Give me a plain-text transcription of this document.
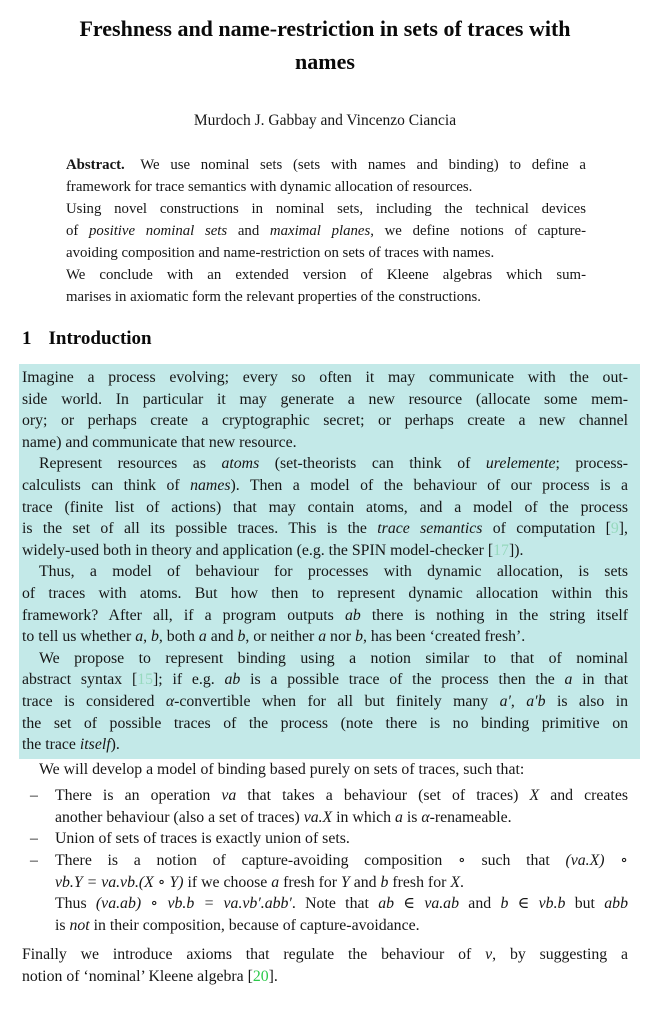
Freshness and name-restriction in sets of traces with
names
Murdoch J. Gabbay and Vincenzo Ciancia
Abstract. We use nominal sets (sets with names and binding) to define a
framework for trace semantics with dynamic allocation of resources.
Using novel constructions in nominal sets, including the technical devices
of positive nominal sets and maximal planes, we define notions of capture-
avoiding composition and name-restriction on sets of traces with names.
We conclude with an extended version of Kleene algebras which sum-
marises in axiomatic form the relevant properties of the constructions.
1 Introduction
Imagine a process evolving; every so often it may communicate with the out-
side world. In particular it may generate a new resource (allocate some mem-
ory; or perhaps create a cryptographic secret; or perhaps create a new channel
name) and communicate that new resource.
Represent resources as atoms (set-theorists can think of urelemente; process-
calculists can think of names). Then a model of the behaviour of our process is a
trace (finite list of actions) that may contain atoms, and a model of the process
is the set of all its possible traces. This is the trace semantics of computation [9],
widely-used both in theory and application (e.g. the SPIN model-checker [17]).
Thus, a model of behaviour for processes with dynamic allocation, is sets
of traces with atoms. But how then to represent dynamic allocation within this
framework? After all, if a program outputs ab there is nothing in the string itself
to tell us whether a, b, both a and b, or neither a nor b, has been ‘created fresh’.
We propose to represent binding using a notion similar to that of nominal
abstract syntax [15]; if e.g. ab is a possible trace of the process then the a in that
trace is considered α-convertible when for all but finitely many a′, a′b is also in
the set of possible traces of the process (note there is no binding primitive on
the trace itself).
We will develop a model of binding based purely on sets of traces, such that:
–	There is an operation νa that takes a behaviour (set of traces) X and creates
another behaviour (also a set of traces) νa.X in which a is α-renameable.
–	Union of sets of traces is exactly union of sets.
–	There is a notion of capture-avoiding composition ∘ such that (νa.X) ∘
νb.Y = νa.νb.(X ∘ Y) if we choose a fresh for Y and b fresh for X.
Thus (νa.ab) ∘ νb.b = νa.νb′.abb′. Note that ab ∈ νa.ab and b ∈ νb.b but abb
is not in their composition, because of capture-avoidance.
Finally we introduce axioms that regulate the behaviour of ν, by suggesting a
notion of ‘nominal’ Kleene algebra [20].
